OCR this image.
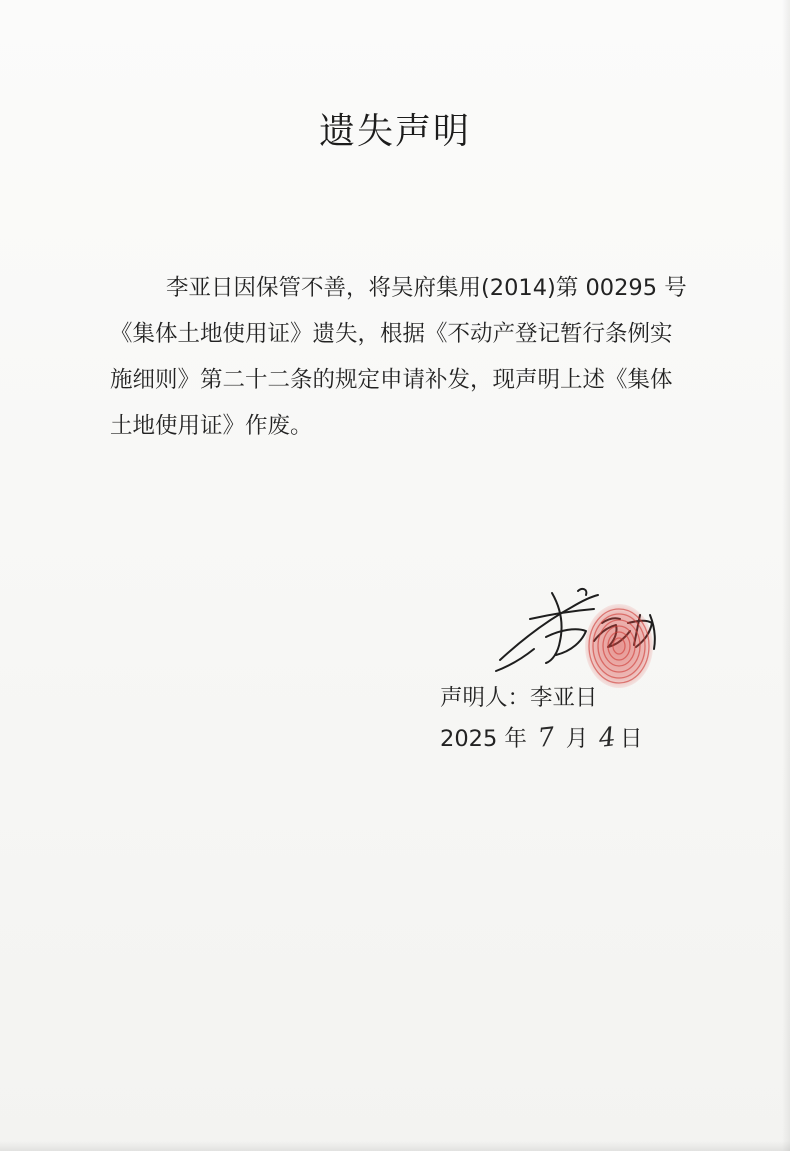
遗失声明
李亚日因保管不善，将吴府集用(2014)第 00295 号
《集体土地使用证》遗失，根据《不动产登记暂行条例实
施细则》第二十二条的规定申请补发，现声明上述《集体
土地使用证》作废。
声明人：李亚日
2025 年 7 月 4 日
